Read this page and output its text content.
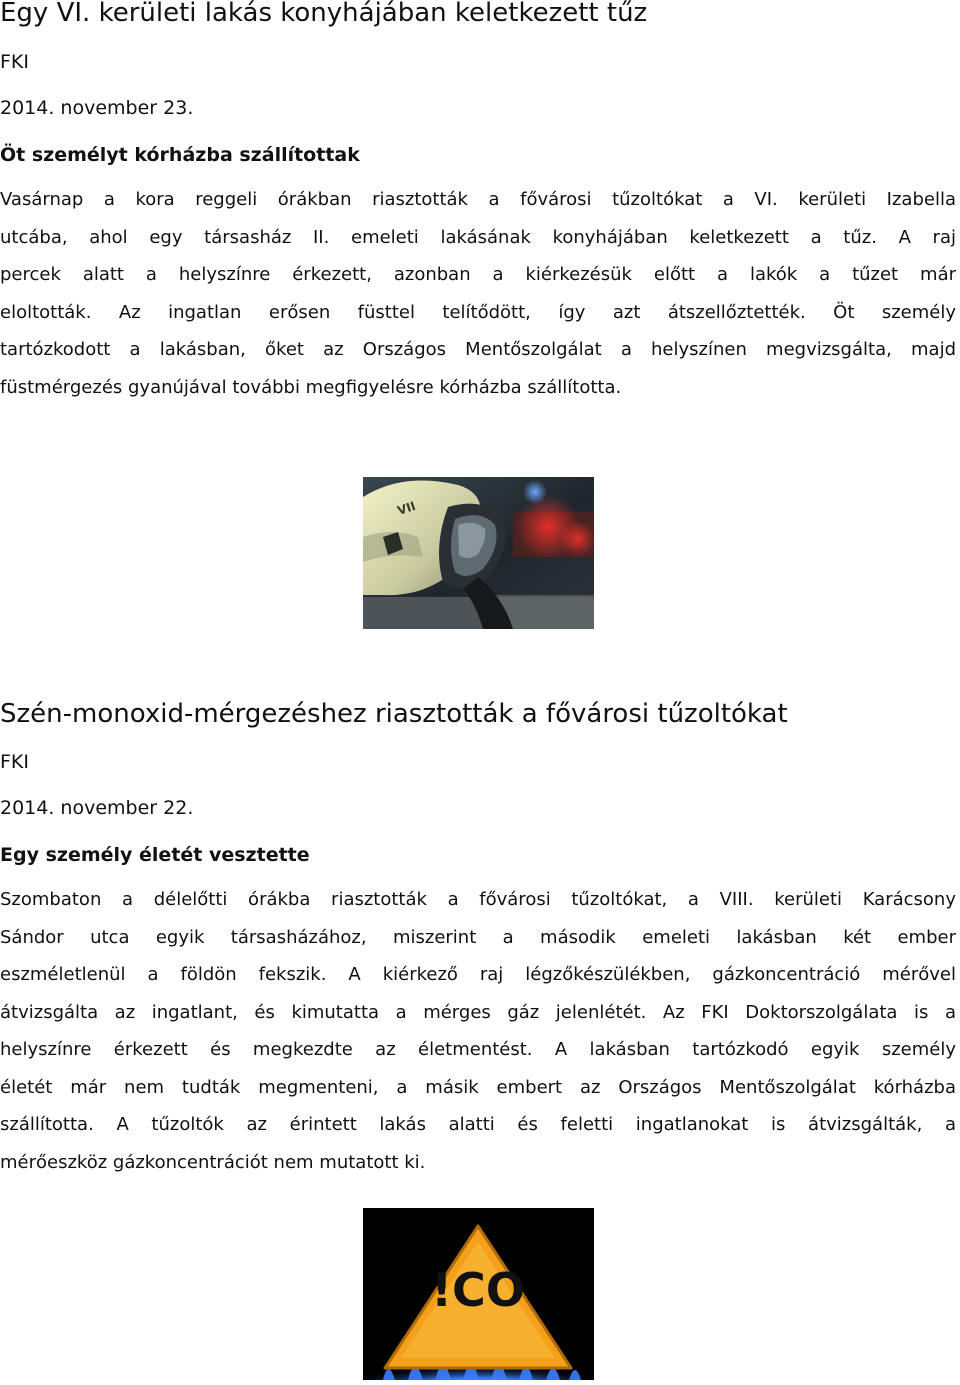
Egy VI. kerületi lakás konyhájában keletkezett tűz

FKI

2014. november 23.

Öt személyt kórházba szállítottak

Vasárnap a kora reggeli órákban riasztották a fővárosi tűzoltókat a VI. kerületi Izabella

utcába, ahol egy társasház II. emeleti lakásának konyhájában keletkezett a tűz. A raj

percek alatt a helyszínre érkezett, azonban a kiérkezésük előtt a lakók a tűzet már

eloltották. Az ingatlan erősen füsttel telítődött, így azt átszellőztették. Öt személy

tartózkodott a lakásban, őket az Országos Mentőszolgálat a helyszínen megvizsgálta, majd

füstmérgezés gyanújával további megfigyelésre kórházba szállította.

VII
Szén-monoxid-mérgezéshez riasztották a fővárosi tűzoltókat

FKI

2014. november 22.

Egy személy életét vesztette

Szombaton a délelőtti órákba riasztották a fővárosi tűzoltókat, a VIII. kerületi Karácsony

Sándor utca egyik társasházához, miszerint a második emeleti lakásban két ember

eszméletlenül a földön fekszik. A kiérkező raj légzőkészülékben, gázkoncentráció mérővel

átvizsgálta az ingatlant, és kimutatta a mérges gáz jelenlétét. Az FKI Doktorszolgálata is a

helyszínre érkezett és megkezdte az életmentést. A lakásban tartózkodó egyik személy

életét már nem tudták megmenteni, a másik embert az Országos Mentőszolgálat kórházba

szállította. A tűzoltók az érintett lakás alatti és feletti ingatlanokat is átvizsgálták, a

mérőeszköz gázkoncentrációt nem mutatott ki.

!CO
